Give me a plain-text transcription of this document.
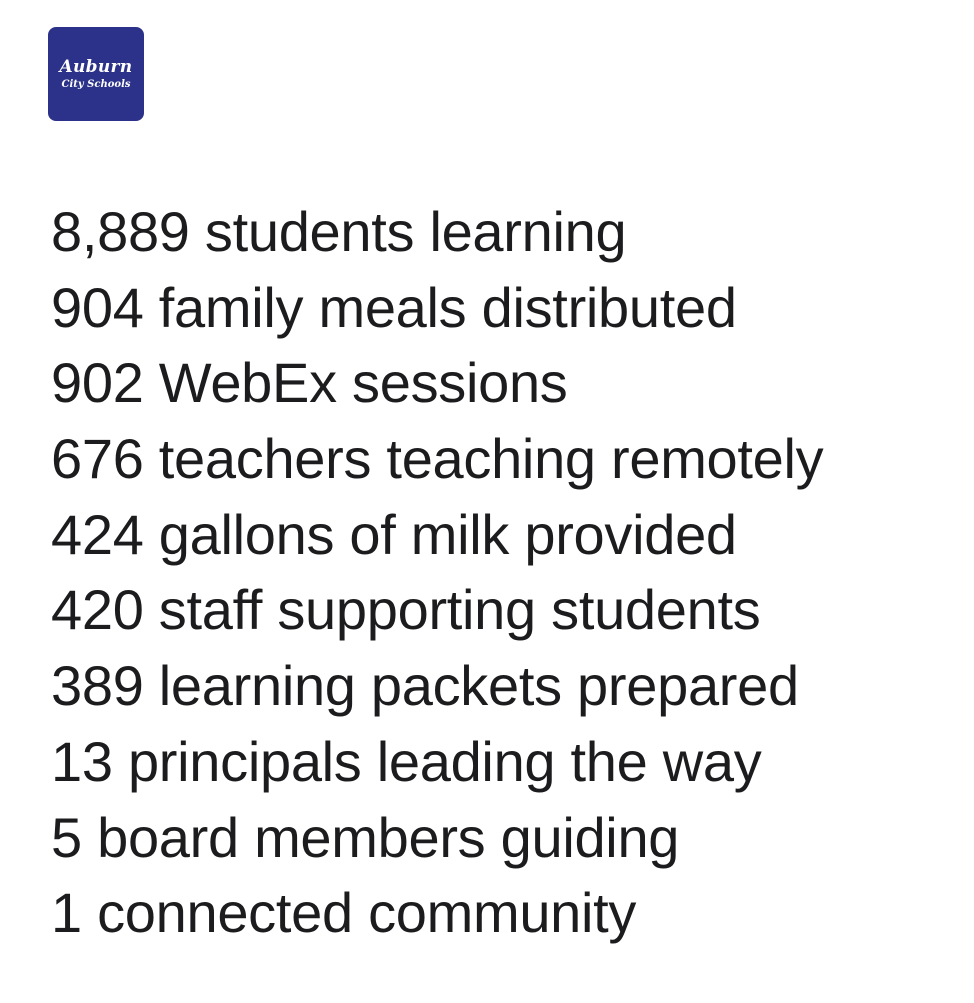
Auburn
City Schools
8,889 students learning
904 family meals distributed
902 WebEx sessions
676 teachers teaching remotely
424 gallons of milk provided
420 staff supporting students
389 learning packets prepared
13 principals leading the way
5 board members guiding
1 connected community
